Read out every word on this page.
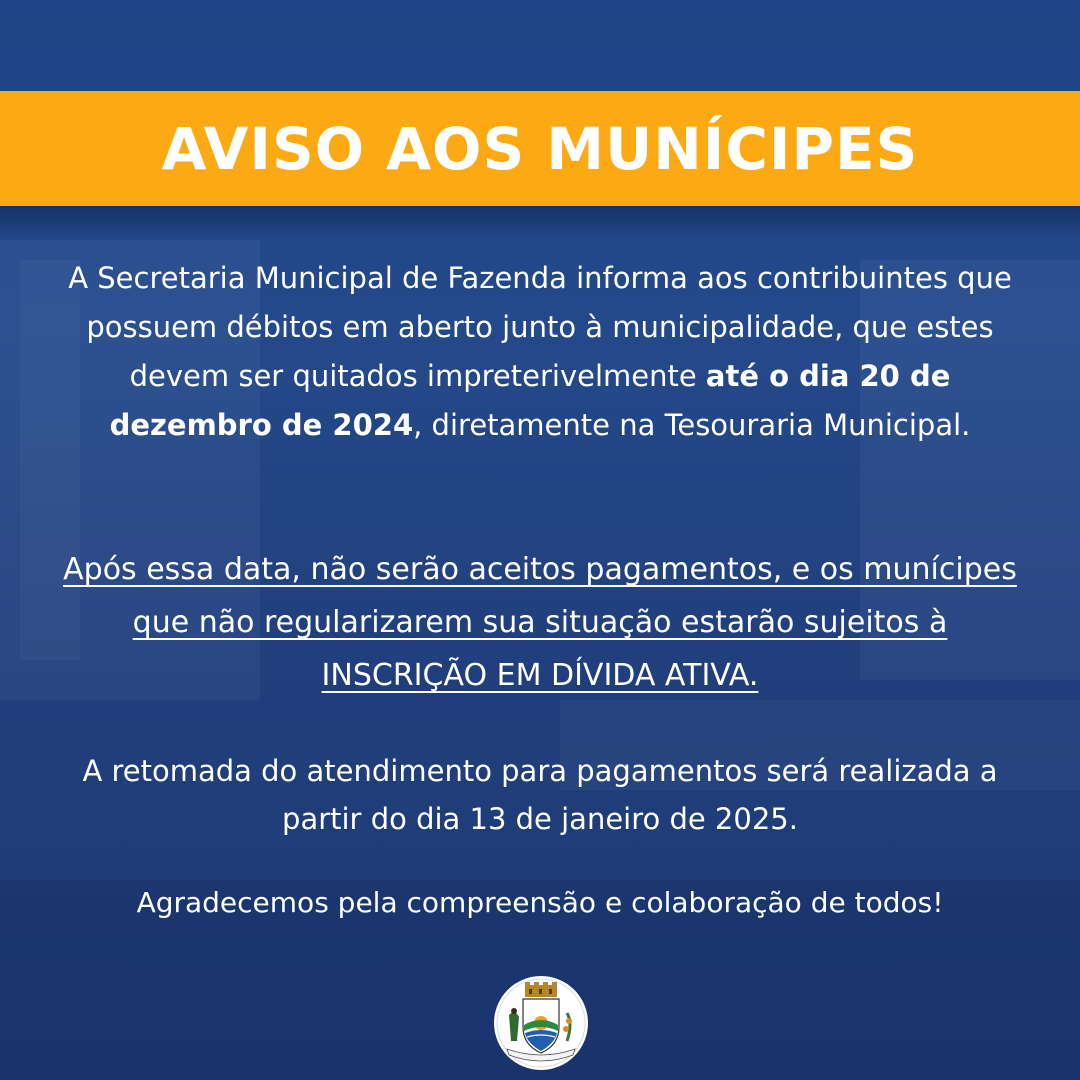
AVISO AOS MUNÍCIPES
A Secretaria Municipal de Fazenda informa aos contribuintes que possuem débitos em aberto junto à municipalidade, que estes devem ser quitados impreterivelmente até o dia 20 de dezembro de 2024, diretamente na Tesouraria Municipal.
Após essa data, não serão aceitos pagamentos, e os munícipes que não regularizarem sua situação estarão sujeitos à INSCRIÇÃO EM DÍVIDA ATIVA.
A retomada do atendimento para pagamentos será realizada a partir do dia 13 de janeiro de 2025.
Agradecemos pela compreensão e colaboração de todos!
